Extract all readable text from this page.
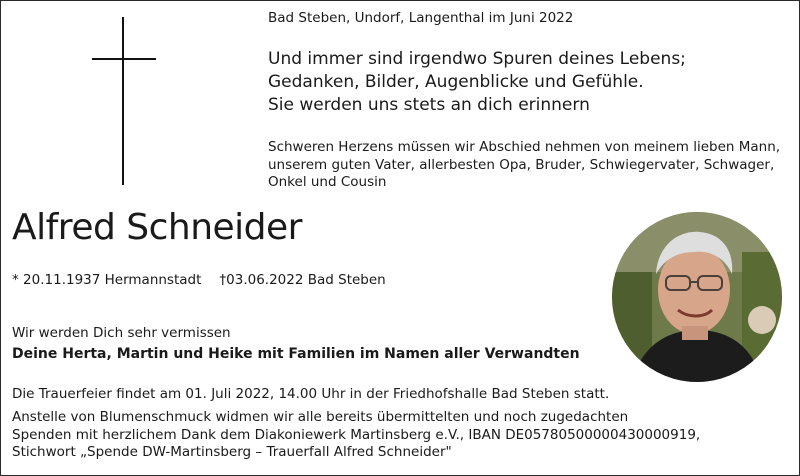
Bad Steben, Undorf, Langenthal im Juni 2022
Und immer sind irgendwo Spuren deines Lebens;
Gedanken, Bilder, Augenblicke und Gefühle.
Sie werden uns stets an dich erinnern
Schweren Herzens müssen wir Abschied nehmen von meinem lieben Mann,
unserem guten Vater, allerbesten Opa, Bruder, Schwiegervater, Schwager,
Onkel und Cousin
Alfred Schneider
* 20.11.1937 Hermannstadt †03.06.2022 Bad Steben
Wir werden Dich sehr vermissen
Deine Herta, Martin und Heike mit Familien im Namen aller Verwandten
Die Trauerfeier findet am 01. Juli 2022, 14.00 Uhr in der Friedhofshalle Bad Steben statt.
Anstelle von Blumenschmuck widmen wir alle bereits übermittelten und noch zugedachten
Spenden mit herzlichem Dank dem Diakoniewerk Martinsberg e.V., IBAN DE05780500000430000919,
Stichwort „Spende DW-Martinsberg – Trauerfall Alfred Schneider"
